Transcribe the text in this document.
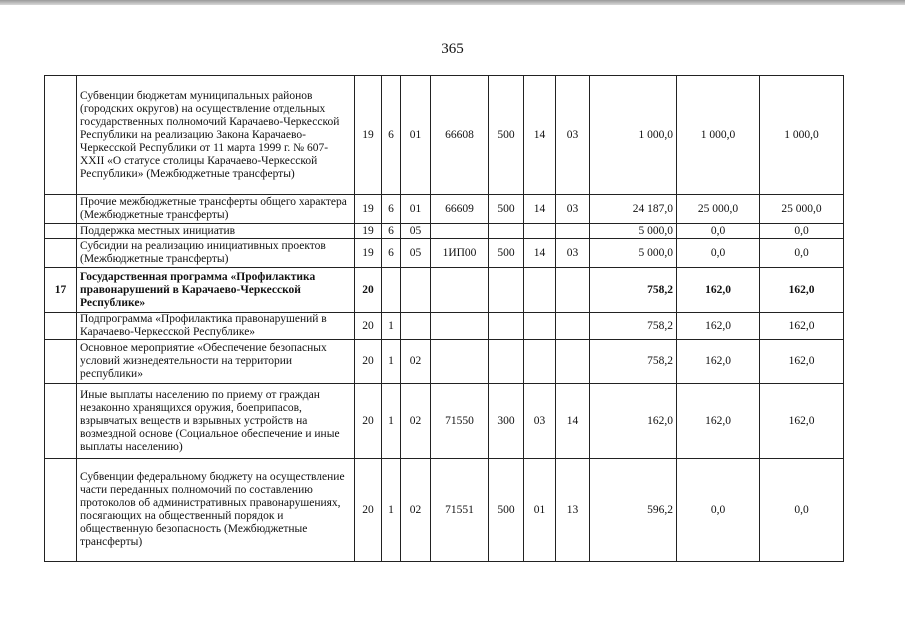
365
	Субвенции бюджетам муниципальных районов (городских округов) на осуществление отдельных государственных полномочий Карачаево-Черкесской Республики на реализацию Закона Карачаево-Черкесской Республики от 11 марта 1999 г. № 607-XXII «О статусе столицы Карачаево-Черкесской Республики» (Межбюджетные трансферты)	19	6	01	66608	500	14	03	1 000,0	1 000,0	1 000,0
	Прочие межбюджетные трансферты общего характера (Межбюджетные трансферты)	19	6	01	66609	500	14	03	24 187,0	25 000,0	25 000,0
	Поддержка местных инициатив	19	6	05					5 000,0	0,0	0,0
	Субсидии на реализацию инициативных проектов (Межбюджетные трансферты)	19	6	05	1ИП00	500	14	03	5 000,0	0,0	0,0
17	Государственная программа «Профилактика правонарушений в Карачаево-Черкесской Республике»	20							758,2	162,0	162,0
	Подпрограмма «Профилактика правонарушений в Карачаево-Черкесской Республике»	20	1						758,2	162,0	162,0
	Основное мероприятие «Обеспечение безопасных условий жизнедеятельности на территории республики»	20	1	02					758,2	162,0	162,0
	Иные выплаты населению по приему от граждан незаконно хранящихся оружия, боеприпасов, взрывчатых веществ и взрывных устройств на возмездной основе (Социальное обеспечение и иные выплаты населению)	20	1	02	71550	300	03	14	162,0	162,0	162,0
	Субвенции федеральному бюджету на осуществление части переданных полномочий по составлению протоколов об административных правонарушениях, посягающих на общественный порядок и общественную безопасность (Межбюджетные трансферты)	20	1	02	71551	500	01	13	596,2	0,0	0,0
